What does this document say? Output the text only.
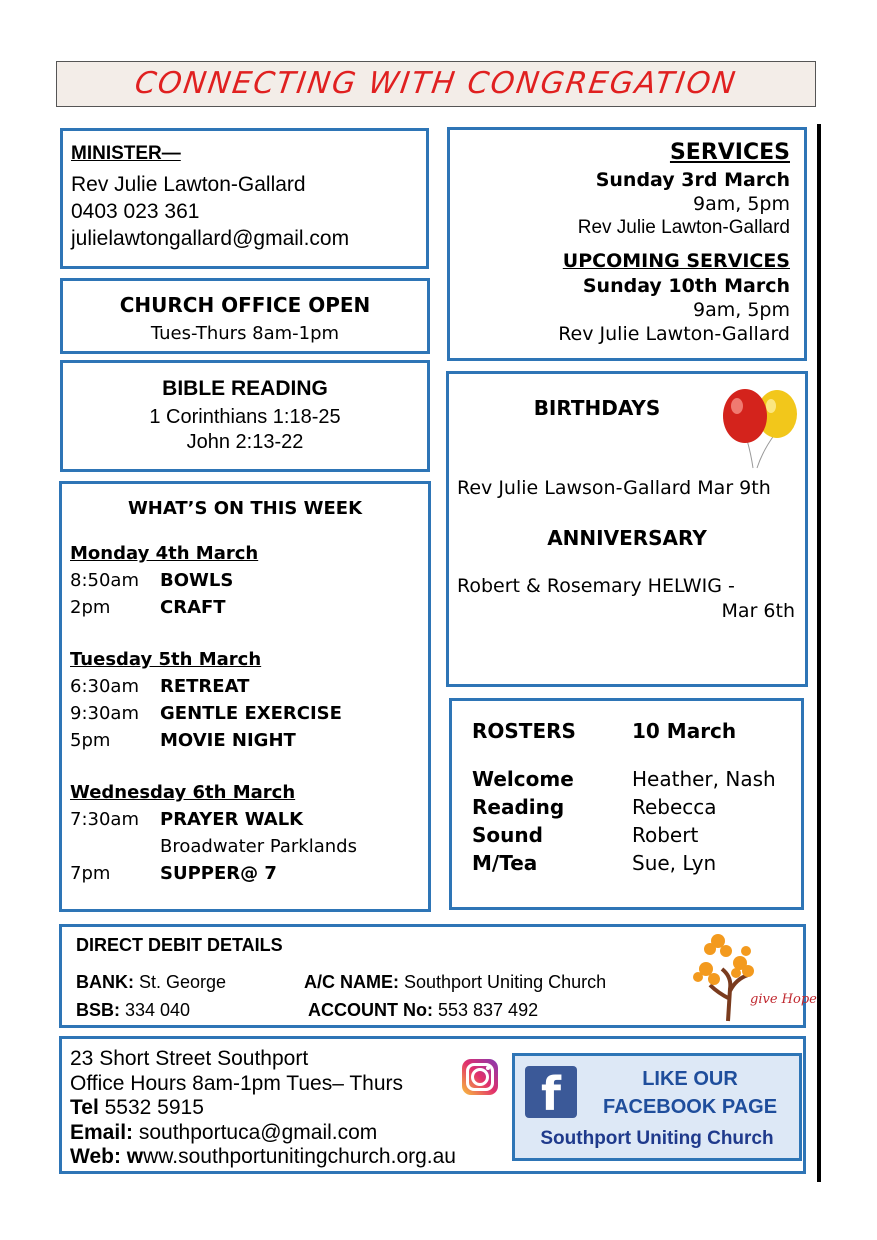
CONNECTING WITH CONGREGATION
MINISTER—
Rev Julie Lawton-Gallard
0403 023 361
julielawtongallard@gmail.com
CHURCH OFFICE OPEN
Tues-Thurs 8am-1pm
BIBLE READING
1 Corinthians 1:18-25
John 2:13-22
WHAT’S ON THIS WEEK
Monday 4th March
8:50am	BOWLS
2pm	CRAFT
Tuesday 5th March
6:30am	RETREAT
9:30am	GENTLE EXERCISE
5pm	MOVIE NIGHT
Wednesday 6th March
7:30am	PRAYER WALK
Broadwater Parklands
7pm	SUPPER@ 7
SERVICES
Sunday 3rd March
9am, 5pm
Rev Julie Lawton-Gallard
UPCOMING SERVICES
Sunday 10th March
9am, 5pm
Rev Julie Lawton-Gallard
BIRTHDAYS
Rev Julie Lawson-Gallard Mar 9th
ANNIVERSARY
Robert & Rosemary HELWIG -
Mar 6th
ROSTERS	10 March
Welcome	Heather, Nash
Reading	Rebecca
Sound	Robert
M/Tea	Sue, Lyn
DIRECT DEBIT DETAILS
BANK: St. George	A/C NAME: Southport Uniting Church
BSB: 334 040	ACCOUNT No: 553 837 492
give Hope
23 Short Street Southport
Office Hours 8am-1pm Tues– Thurs
Tel 5532 5915
Email: southportuca@gmail.com
Web: www.southportunitingchurch.org.au
f	LIKE OUR
FACEBOOK PAGE
Southport Uniting Church
